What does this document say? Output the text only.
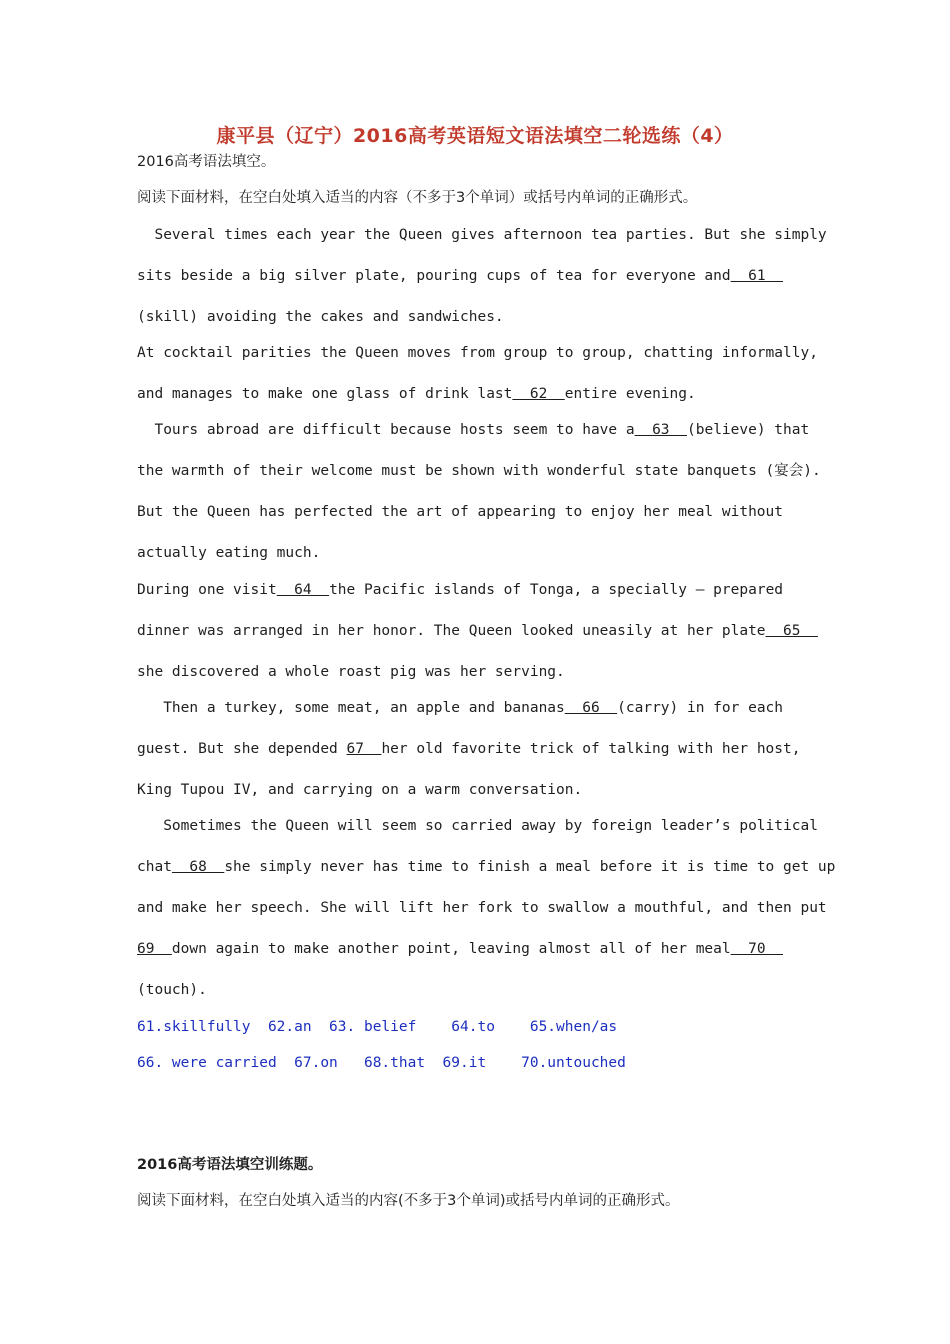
康平县（辽宁）2016高考英语短文语法填空二轮选练（4）
2016高考语法填空。
阅读下面材料，在空白处填入适当的内容（不多于3个单词）或括号内单词的正确形式。
Several times each year the Queen gives afternoon tea parties. But she simply
sits beside a big silver plate, pouring cups of tea for everyone and  61
(skill) avoiding the cakes and sandwiches.
At cocktail parities the Queen moves from group to group, chatting informally,
and manages to make one glass of drink last  62  entire evening.
Tours abroad are difficult because hosts seem to have a  63  (believe) that
the warmth of their welcome must be shown with wonderful state banquets (宴会).
But the Queen has perfected the art of appearing to enjoy her meal without
actually eating much.
During one visit  64  the Pacific islands of Tonga, a specially – prepared
dinner was arranged in her honor. The Queen looked uneasily at her plate  65
she discovered a whole roast pig was her serving.
Then a turkey, some meat, an apple and bananas  66  (carry) in for each
guest. But she depended 67  her old favorite trick of talking with her host,
King Tupou IV, and carrying on a warm conversation.
Sometimes the Queen will seem so carried away by foreign leader’s political
chat  68  she simply never has time to finish a meal before it is time to get up
and make her speech. She will lift her fork to swallow a mouthful, and then put
69  down again to make another point, leaving almost all of her meal  70
(touch).
61.skillfully  62.an  63. belief    64.to    65.when/as
66. were carried  67.on   68.that  69.it    70.untouched
2016高考语法填空训练题。
阅读下面材料，在空白处填入适当的内容(不多于3个单词)或括号内单词的正确形式。
